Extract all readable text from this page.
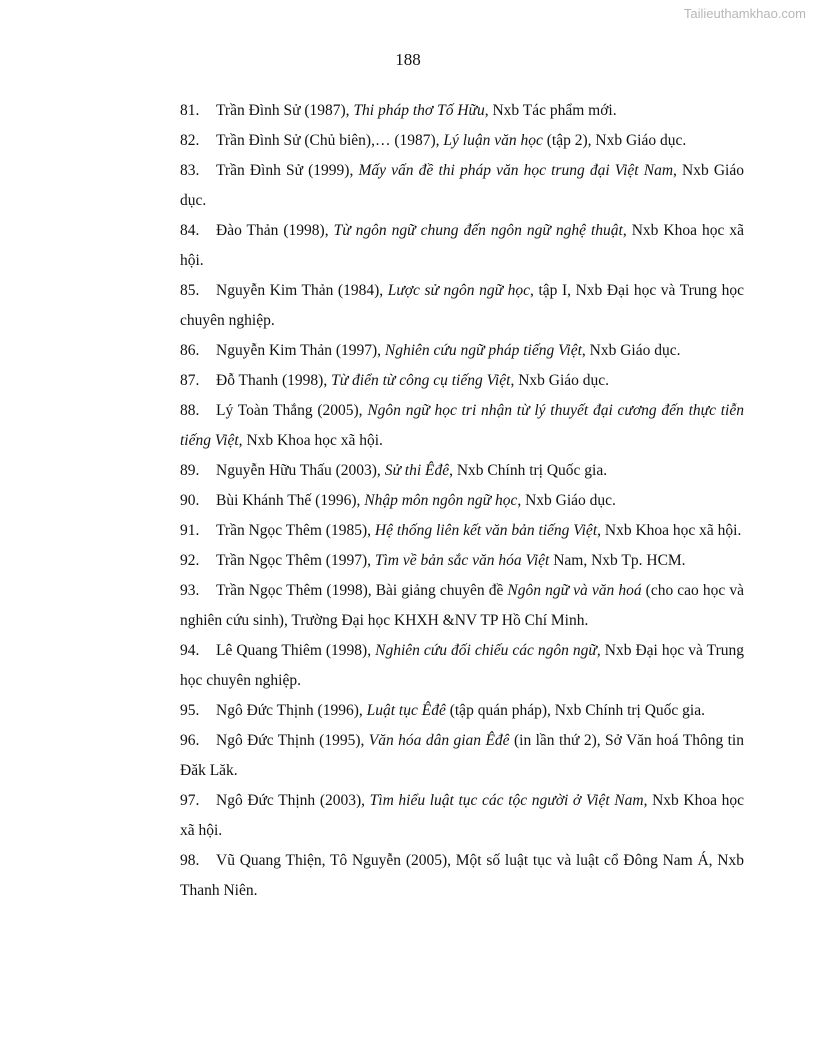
Tailieuthamkhao.com
188
81. Trần Đình Sử (1987), Thi pháp thơ Tố Hữu, Nxb Tác phẩm mới.
82. Trần Đình Sử (Chủ biên),… (1987), Lý luận văn học (tập 2), Nxb Giáo dục.
83. Trần Đình Sử (1999), Mấy vấn đề thi pháp văn học trung đại Việt Nam, Nxb Giáo dục.
84. Đào Thản (1998), Từ ngôn ngữ chung đến ngôn ngữ nghệ thuật, Nxb Khoa học xã hội.
85. Nguyễn Kim Thản (1984), Lược sử ngôn ngữ học, tập I, Nxb Đại học và Trung học chuyên nghiệp.
86. Nguyễn Kim Thản (1997), Nghiên cứu ngữ pháp tiếng Việt, Nxb Giáo dục.
87. Đỗ Thanh (1998), Từ điển từ công cụ tiếng Việt, Nxb Giáo dục.
88. Lý Toàn Thắng (2005), Ngôn ngữ học tri nhận từ lý thuyết đại cương đến thực tiễn tiếng Việt, Nxb Khoa học xã hội.
89. Nguyễn Hữu Thấu (2003), Sử thi Êđê, Nxb Chính trị Quốc gia.
90. Bùi Khánh Thế (1996), Nhập môn ngôn ngữ học, Nxb Giáo dục.
91. Trần Ngọc Thêm (1985), Hệ thống liên kết văn bản tiếng Việt, Nxb Khoa học xã hội.
92. Trần Ngọc Thêm (1997), Tìm về bản sắc văn hóa Việt Nam, Nxb Tp. HCM.
93. Trần Ngọc Thêm (1998), Bài giảng chuyên đề Ngôn ngữ và văn hoá (cho cao học và nghiên cứu sinh), Trường Đại học KHXH &NV TP Hồ Chí Minh.
94. Lê Quang Thiêm (1998), Nghiên cứu đối chiếu các ngôn ngữ, Nxb Đại học và Trung học chuyên nghiệp.
95. Ngô Đức Thịnh (1996), Luật tục Êđê (tập quán pháp), Nxb Chính trị Quốc gia.
96. Ngô Đức Thịnh (1995), Văn hóa dân gian Êđê (in lần thứ 2), Sở Văn hoá Thông tin Đăk Lăk.
97. Ngô Đức Thịnh (2003), Tìm hiểu luật tục các tộc người ở Việt Nam, Nxb Khoa học xã hội.
98. Vũ Quang Thiện, Tô Nguyễn (2005), Một số luật tục và luật cổ Đông Nam Á, Nxb Thanh Niên.
